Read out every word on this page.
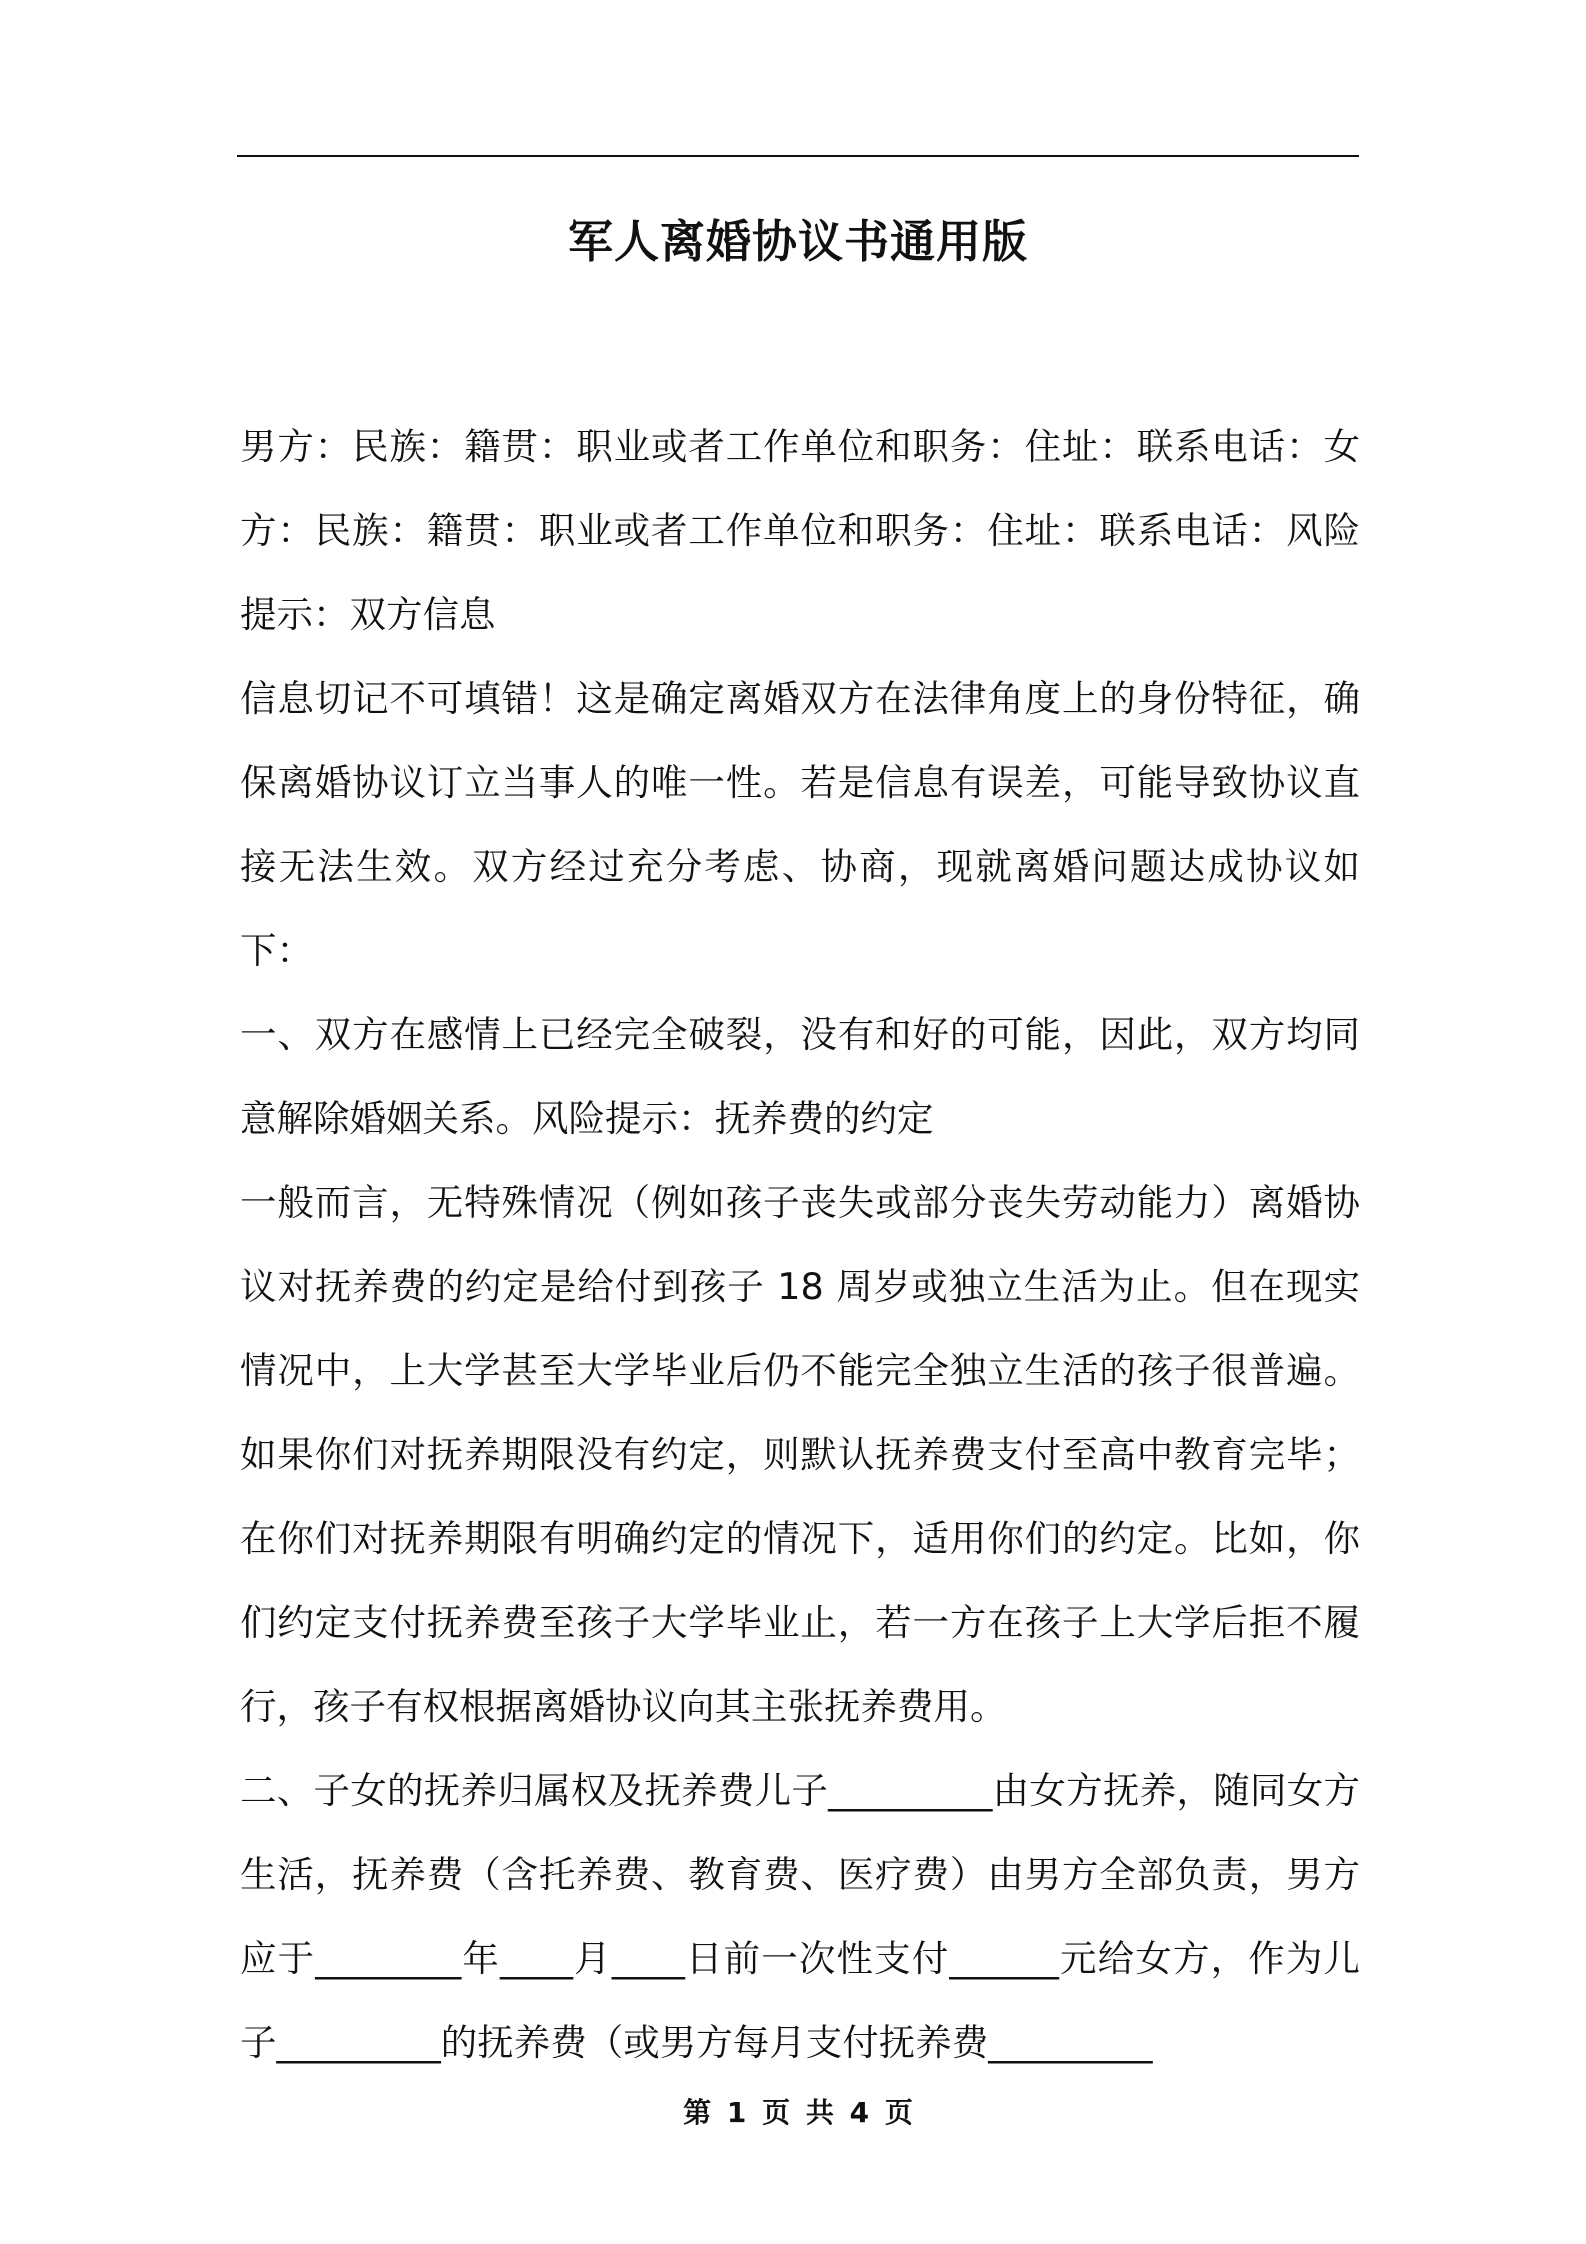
军人离婚协议书通用版

男方：民族：籍贯：职业或者工作单位和职务：住址：联系电话：女方：民族：籍贯：职业或者工作单位和职务：住址：联系电话：风险提示：双方信息

信息切记不可填错！这是确定离婚双方在法律角度上的身份特征，确保离婚协议订立当事人的唯一性。若是信息有误差，可能导致协议直接无法生效。双方经过充分考虑、协商，现就离婚问题达成协议如下：

一、双方在感情上已经完全破裂，没有和好的可能，因此，双方均同意解除婚姻关系。风险提示：抚养费的约定

一般而言，无特殊情况（例如孩子丧失或部分丧失劳动能力）离婚协议对抚养费的约定是给付到孩子 18 周岁或独立生活为止。但在现实情况中，上大学甚至大学毕业后仍不能完全独立生活的孩子很普遍。如果你们对抚养期限没有约定，则默认抚养费支付至高中教育完毕；在你们对抚养期限有明确约定的情况下，适用你们的约定。比如，你们约定支付抚养费至孩子大学毕业止，若一方在孩子上大学后拒不履行，孩子有权根据离婚协议向其主张抚养费用。

二、子女的抚养归属权及抚养费儿子_________由女方抚养，随同女方生活，抚养费（含托养费、教育费、医疗费）由男方全部负责，男方应于________年____月____日前一次性支付______元给女方，作为儿子_________的抚养费（或男方每月支付抚养费_________

第 1 页 共 4 页
